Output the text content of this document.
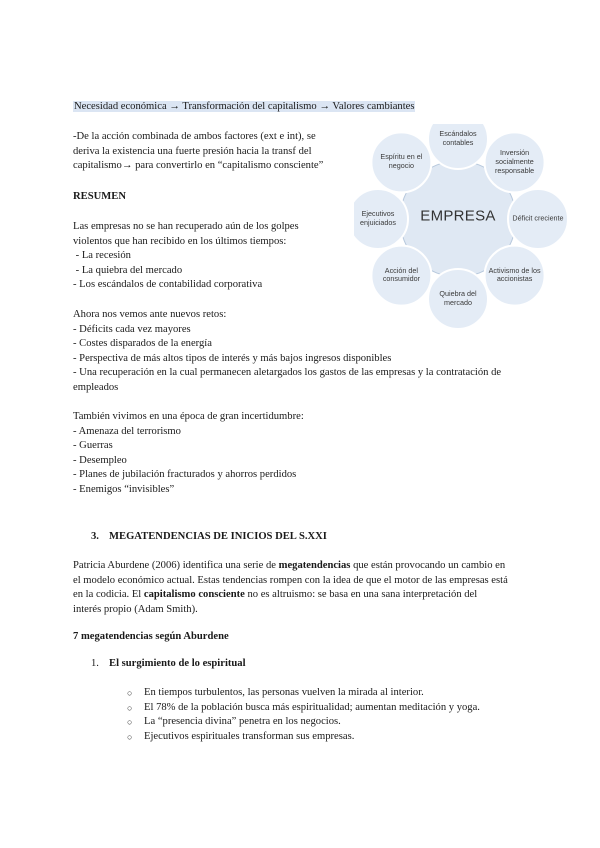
Necesidad económica → Transformación del capitalismo → Valores cambiantes

-De la acción combinada de ambos factores (ext e int), se

deriva la existencia una fuerte presión hacia la transf del

capitalismo→ para convertirlo en “capitalismo consciente”

RESUMEN

Las empresas no se han recuperado aún de los golpes

violentos que han recibido en los últimos tiempos:

- La recesión

- La quiebra del mercado

- Los escándalos de contabilidad corporativa

Ahora nos vemos ante nuevos retos:

- Déficits cada vez mayores

- Costes disparados de la energía

- Perspectiva de más altos tipos de interés y más bajos ingresos disponibles

- Una recuperación en la cual permanecen aletargados los gastos de las empresas y la contratación de

empleados

También vivimos en una época de gran incertidumbre:

- Amenaza del terrorismo

- Guerras

- Desempleo

- Planes de jubilación fracturados y ahorros perdidos

- Enemigos “invisibles”

3. MEGATENDENCIAS DE INICIOS DEL S.XXI

Patricia Aburdene (2006) identifica una serie de megatendencias que están provocando un cambio en

el modelo económico actual. Estas tendencias rompen con la idea de que el motor de las empresas está

en la codicia. El capitalismo consciente no es altruismo: se basa en una sana interpretación del

interés propio (Adam Smith).

7 megatendencias según Aburdene

1. El surgimiento de lo espiritual

○ En tiempos turbulentos, las personas vuelven la mirada al interior.
○ El 78% de la población busca más espiritualidad; aumentan meditación y yoga.
○ La “presencia divina” penetra en los negocios.
○ Ejecutivos espirituales transforman sus empresas.
EMPRESA
Escándalos contables
Inversión socialmente responsable
Déficit creciente
Activismo de los accionistas
Quiebra del mercado
Acción del consumidor
Ejecutivos enjuiciados
Espíritu en el negocio
